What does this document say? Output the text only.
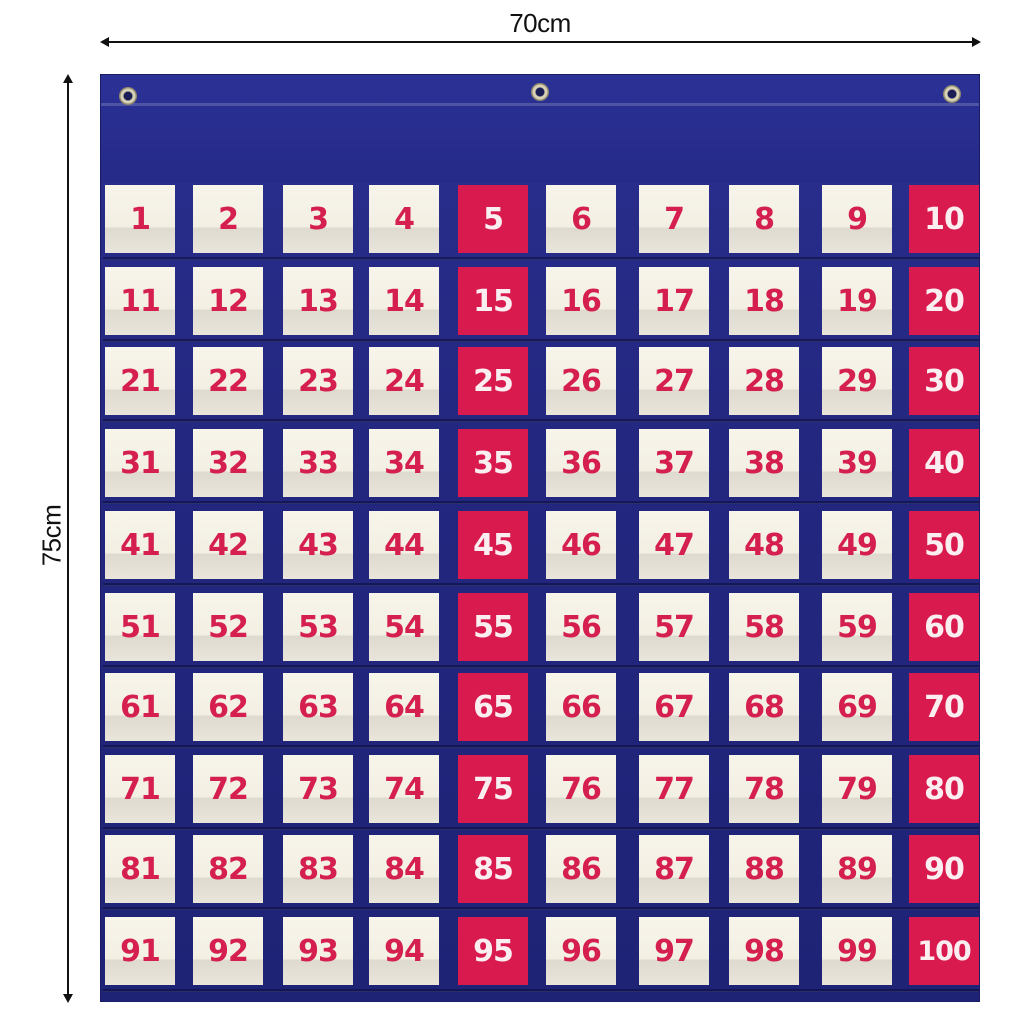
70cm
75cm
1 2 3 4 5 6 7 8 9 10
11 12 13 14 15 16 17 18 19 20
21 22 23 24 25 26 27 28 29 30
31 32 33 34 35 36 37 38 39 40
41 42 43 44 45 46 47 48 49 50
51 52 53 54 55 56 57 58 59 60
61 62 63 64 65 66 67 68 69 70
71 72 73 74 75 76 77 78 79 80
81 82 83 84 85 86 87 88 89 90
91 92 93 94 95 96 97 98 99 100
